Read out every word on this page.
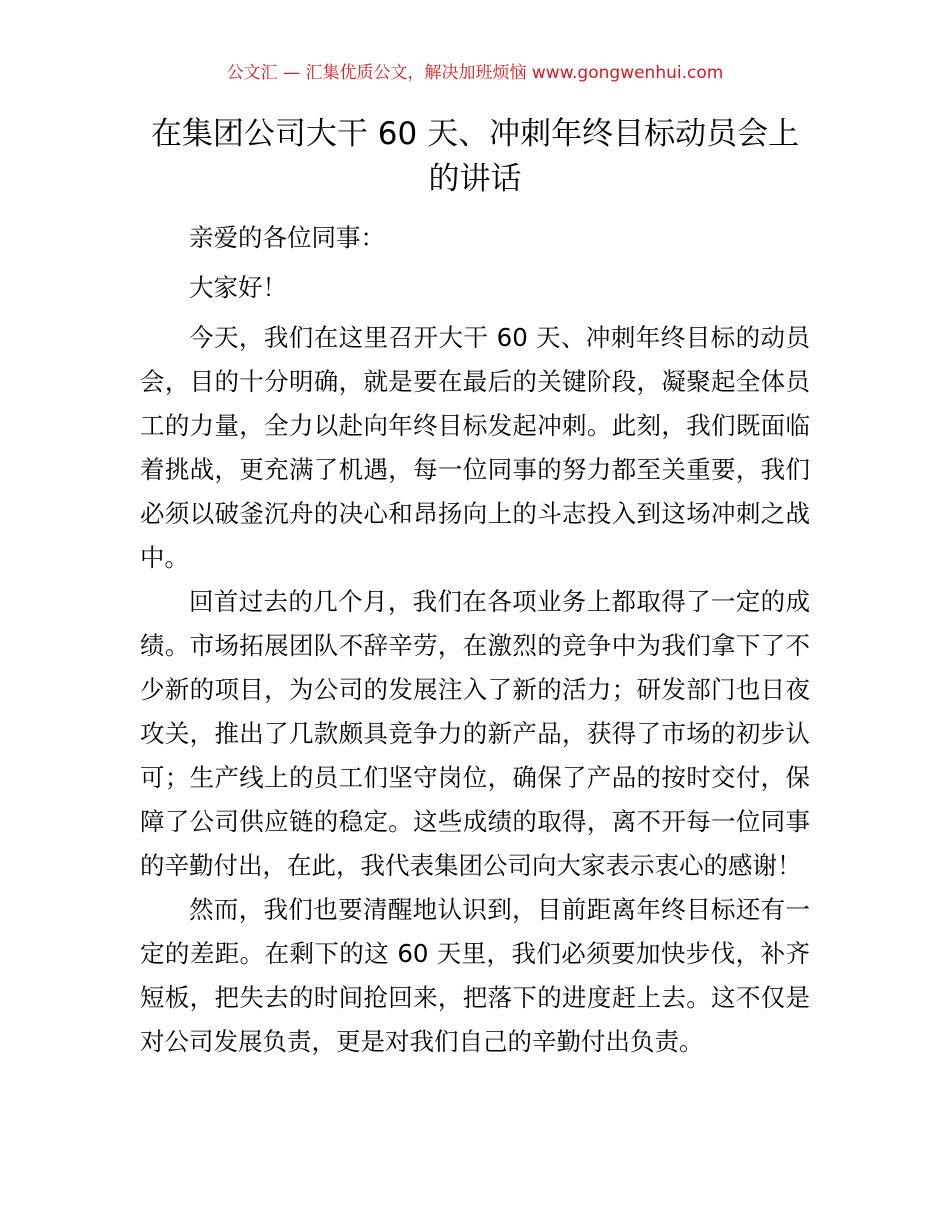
公文汇 — 汇集优质公文，解决加班烦恼 www.gongwenhui.com
在集团公司大干 60 天、冲刺年终目标动员会上的讲话

亲爱的各位同事：

大家好！

今天，我们在这里召开大干 60 天、冲刺年终目标的动员会，目的十分明确，就是要在最后的关键阶段，凝聚起全体员工的力量，全力以赴向年终目标发起冲刺。此刻，我们既面临着挑战，更充满了机遇，每一位同事的努力都至关重要，我们必须以破釜沉舟的决心和昂扬向上的斗志投入到这场冲刺之战中。

回首过去的几个月，我们在各项业务上都取得了一定的成绩。市场拓展团队不辞辛劳，在激烈的竞争中为我们拿下了不少新的项目，为公司的发展注入了新的活力；研发部门也日夜攻关，推出了几款颇具竞争力的新产品，获得了市场的初步认可；生产线上的员工们坚守岗位，确保了产品的按时交付，保障了公司供应链的稳定。这些成绩的取得，离不开每一位同事的辛勤付出，在此，我代表集团公司向大家表示衷心的感谢！

然而，我们也要清醒地认识到，目前距离年终目标还有一定的差距。在剩下的这 60 天里，我们必须要加快步伐，补齐短板，把失去的时间抢回来，把落下的进度赶上去。这不仅是对公司发展负责，更是对我们自己的辛勤付出负责。
